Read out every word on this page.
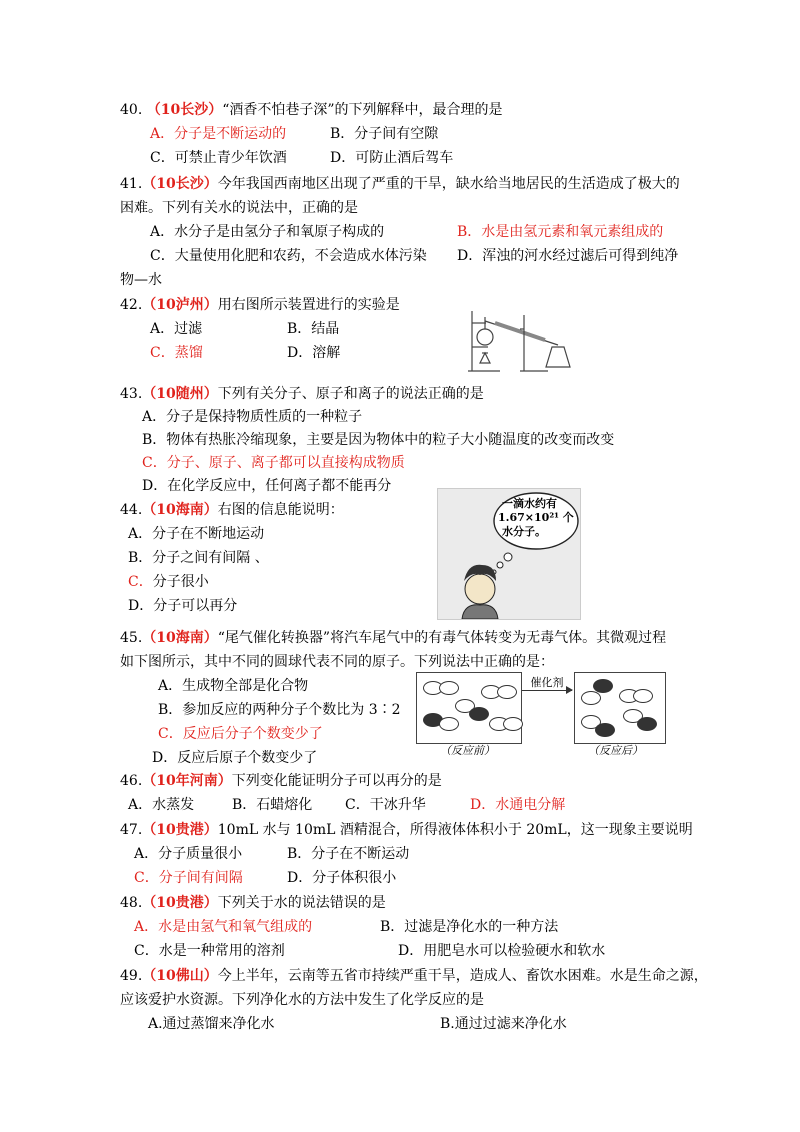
40. （10长沙）“酒香不怕巷子深”的下列解释中，最合理的是
A．分子是不断运动的	B．分子间有空隙
C．可禁止青少年饮酒	D．可防止酒后驾车
41.（10长沙）今年我国西南地区出现了严重的干旱，缺水给当地居民的生活造成了极大的
困难。下列有关水的说法中，正确的是
A．水分子是由氢分子和氧原子构成的	B．水是由氢元素和氧元素组成的
C．大量使用化肥和农药，不会造成水体污染 D．浑浊的河水经过滤后可得到纯净
物—水
42.（10泸州）用右图所示装置进行的实验是
A．过滤	B．结晶
C．蒸馏	D．溶解
43.（10随州）下列有关分子、原子和离子的说法正确的是
A．分子是保持物质性质的一种粒子
B．物体有热胀冷缩现象，主要是因为物体中的粒子大小随温度的改变而改变
C．分子、原子、离子都可以直接构成物质
D．在化学反应中，任何离子都不能再分
44.（10海南）右图的信息能说明：
A．分子在不断地运动
B．分子之间有间隔 、
C．分子很小
D．分子可以再分
一滴水约有
1.67×10²¹ 个
水分子。
45.（10海南）“尾气催化转换器”将汽车尾气中的有毒气体转变为无毒气体。其微观过程
如下图所示，其中不同的圆球代表不同的原子。下列说法中正确的是：
A．生成物全部是化合物
B．参加反应的两种分子个数比为 3∶2
C．反应后分子个数变少了
D．反应后原子个数变少了
催化剂
（反应前）	（反应后）
46.（10年河南）下列变化能证明分子可以再分的是
A．水蒸发	B．石蜡熔化 C．干冰升华	D．水通电分解
47.（10贵港）10mL 水与 10mL 酒精混合，所得液体体积小于 20mL，这一现象主要说明
A．分子质量很小	B．分子在不断运动
C．分子间有间隔	D．分子体积很小
48.（10贵港）下列关于水的说法错误的是
A．水是由氢气和氧气组成的	B．过滤是净化水的一种方法
C．水是一种常用的溶剂	D．用肥皂水可以检验硬水和软水
49.（10佛山）今上半年，云南等五省市持续严重干旱，造成人、畜饮水困难。水是生命之源，
应该爱护水资源。下列净化水的方法中发生了化学反应的是
A.通过蒸馏来净化水	B.通过过滤来净化水
